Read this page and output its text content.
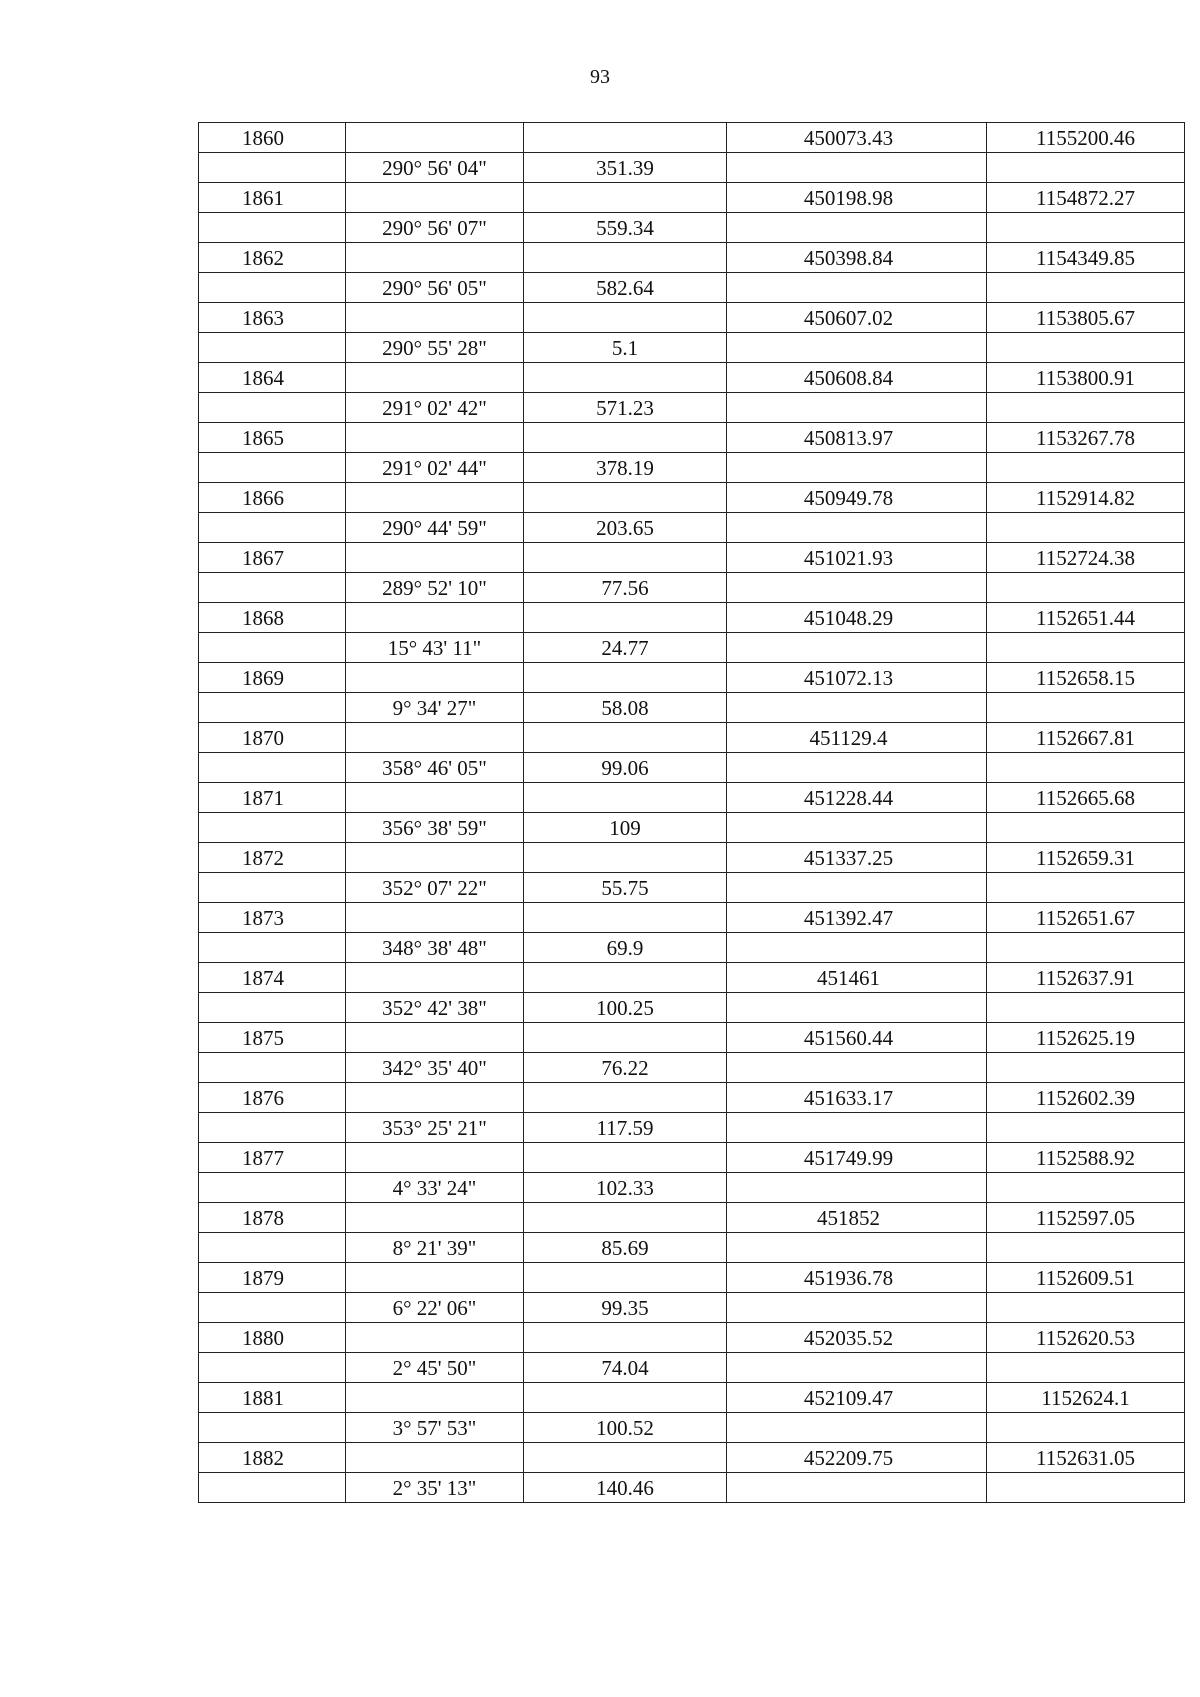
93
1860			450073.43	1155200.46
	290° 56' 04"	351.39		
1861			450198.98	1154872.27
	290° 56' 07"	559.34		
1862			450398.84	1154349.85
	290° 56' 05"	582.64		
1863			450607.02	1153805.67
	290° 55' 28"	5.1		
1864			450608.84	1153800.91
	291° 02' 42"	571.23		
1865			450813.97	1153267.78
	291° 02' 44"	378.19		
1866			450949.78	1152914.82
	290° 44' 59"	203.65		
1867			451021.93	1152724.38
	289° 52' 10"	77.56		
1868			451048.29	1152651.44
	15° 43' 11"	24.77		
1869			451072.13	1152658.15
	9° 34' 27"	58.08		
1870			451129.4	1152667.81
	358° 46' 05"	99.06		
1871			451228.44	1152665.68
	356° 38' 59"	109		
1872			451337.25	1152659.31
	352° 07' 22"	55.75		
1873			451392.47	1152651.67
	348° 38' 48"	69.9		
1874			451461	1152637.91
	352° 42' 38"	100.25		
1875			451560.44	1152625.19
	342° 35' 40"	76.22		
1876			451633.17	1152602.39
	353° 25' 21"	117.59		
1877			451749.99	1152588.92
	4° 33' 24"	102.33		
1878			451852	1152597.05
	8° 21' 39"	85.69		
1879			451936.78	1152609.51
	6° 22' 06"	99.35		
1880			452035.52	1152620.53
	2° 45' 50"	74.04		
1881			452109.47	1152624.1
	3° 57' 53"	100.52		
1882			452209.75	1152631.05
	2° 35' 13"	140.46		
